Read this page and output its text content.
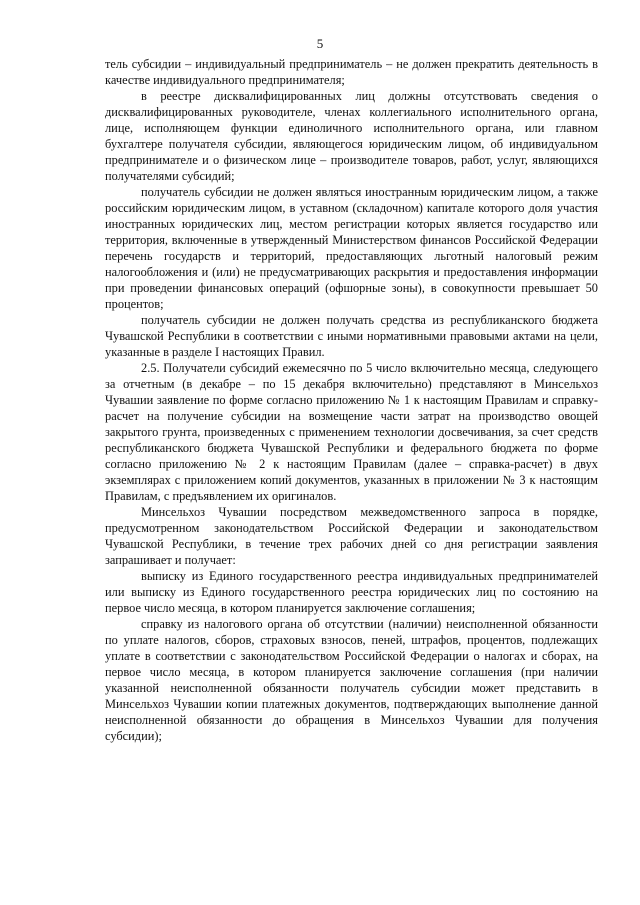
5

тель субсидии – индивидуальный предприниматель – не должен прекратить деятельность в качестве индивидуального предпринимателя;

в реестре дисквалифицированных лиц должны отсутствовать сведения о дисквалифицированных руководителе, членах коллегиального исполнительного органа, лице, исполняющем функции единоличного исполнительного органа, или главном бухгалтере получателя субсидии, являющегося юридическим лицом, об индивидуальном предпринимателе и о физическом лице – производителе товаров, работ, услуг, являющихся получателями субсидий;

получатель субсидии не должен являться иностранным юридическим лицом, а также российским юридическим лицом, в уставном (складочном) капитале которого доля участия иностранных юридических лиц, местом регистрации которых является государство или территория, включенные в утвержденный Министерством финансов Российской Федерации перечень государств и территорий, предоставляющих льготный налоговый режим налогообложения и (или) не предусматривающих раскрытия и предоставления информации при проведении финансовых операций (офшорные зоны), в совокупности превышает 50 процентов;

получатель субсидии не должен получать средства из республиканского бюджета Чувашской Республики в соответствии с иными нормативными правовыми актами на цели, указанные в разделе I настоящих Правил.

2.5. Получатели субсидий ежемесячно по 5 число включительно месяца, следующего за отчетным (в декабре – по 15 декабря включительно) представляют в Минсельхоз Чувашии заявление по форме согласно приложению № 1 к настоящим Правилам и справку-расчет на получение субсидии на возмещение части затрат на производство овощей закрытого грунта, произведенных с применением технологии досвечивания, за счет средств республиканского бюджета Чувашской Республики и федерального бюджета по форме согласно приложению № 2 к настоящим Правилам (далее – справка-расчет) в двух экземплярах с приложением копий документов, указанных в приложении № 3 к настоящим Правилам, с предъявлением их оригиналов.

Минсельхоз Чувашии посредством межведомственного запроса в порядке, предусмотренном законодательством Российской Федерации и законодательством Чувашской Республики, в течение трех рабочих дней со дня регистрации заявления запрашивает и получает:

выписку из Единого государственного реестра индивидуальных предпринимателей или выписку из Единого государственного реестра юридических лиц по состоянию на первое число месяца, в котором планируется заключение соглашения;

справку из налогового органа об отсутствии (наличии) неисполненной обязанности по уплате налогов, сборов, страховых взносов, пеней, штрафов, процентов, подлежащих уплате в соответствии с законодательством Российской Федерации о налогах и сборах, на первое число месяца, в котором планируется заключение соглашения (при наличии указанной неисполненной обязанности получатель субсидии может представить в Минсельхоз Чувашии копии платежных документов, подтверждающих выполнение данной неисполненной обязанности до обращения в Минсельхоз Чувашии для получения субсидии);
